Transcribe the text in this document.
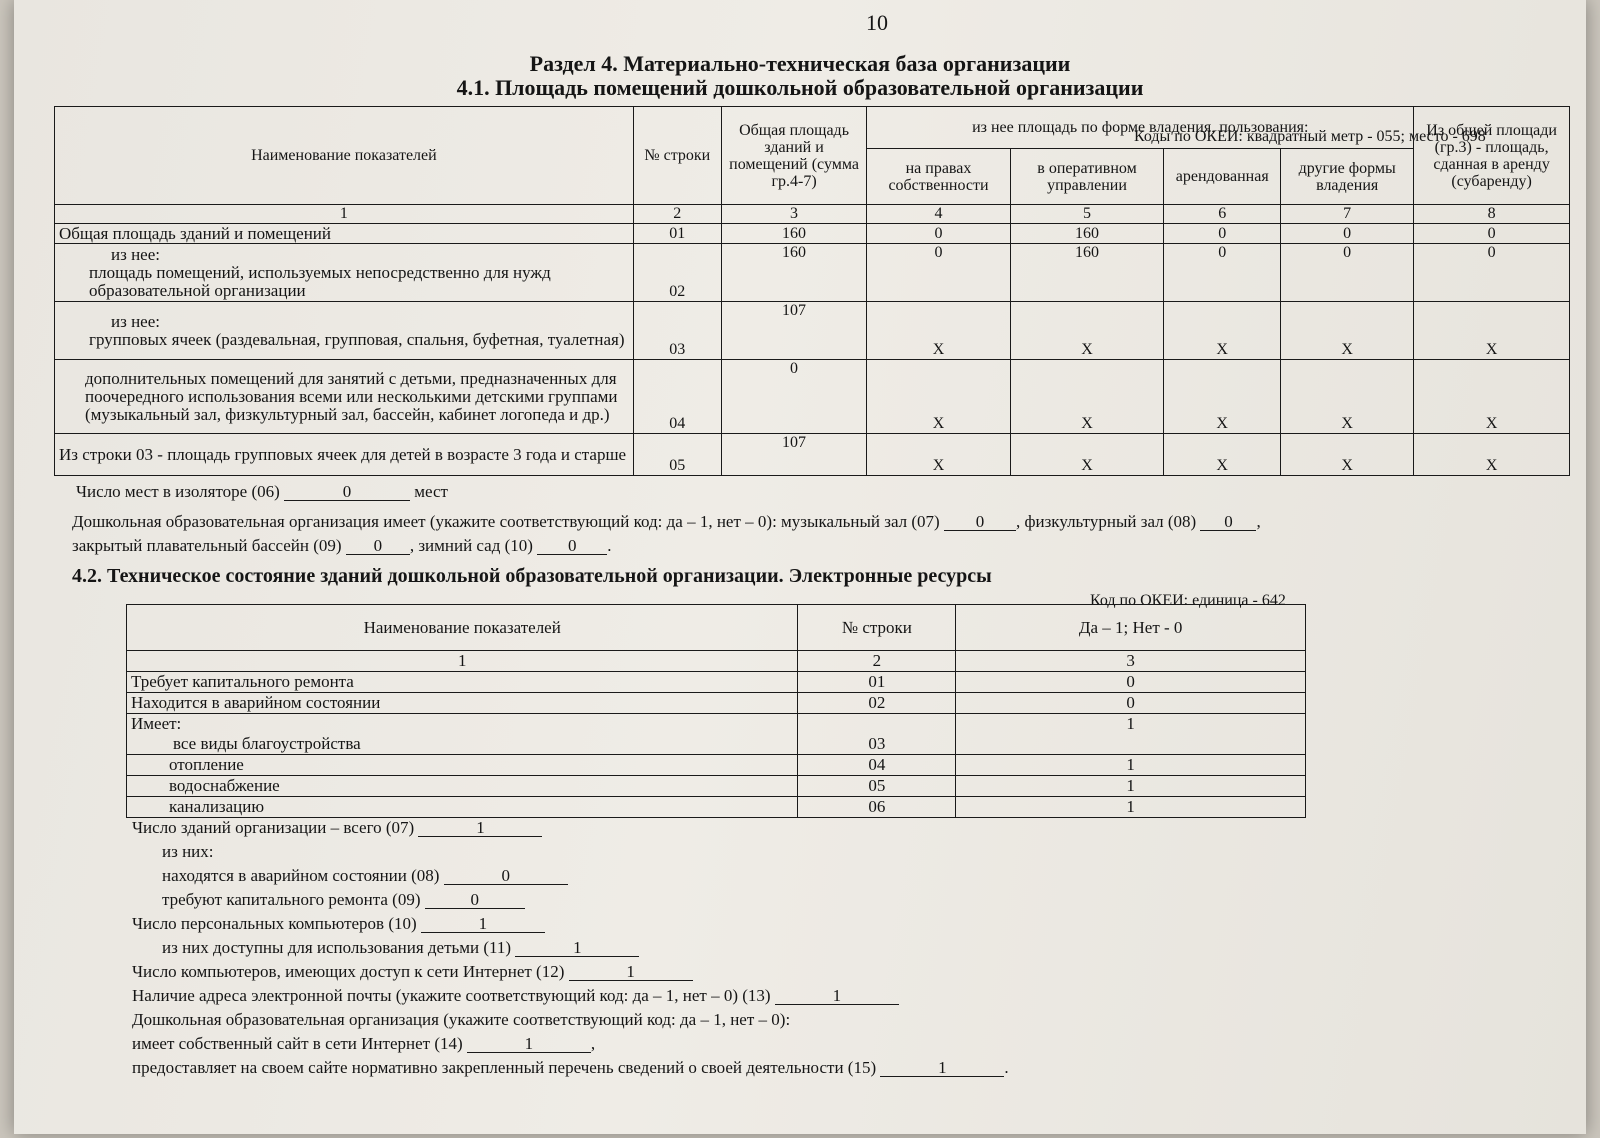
10
Раздел 4. Материально-техническая база организации
4.1. Площадь помещений дошкольной образовательной организации
Коды по ОКЕИ: квадратный метр - 055; место - 698
Наименование показателей	№ строки	Общая площадь зданий и помещений (сумма гр.4-7)	из нее площадь по форме владения, пользования:				Из общей площади (гр.3) - площадь, сданная в аренду (субаренду)
			на правах собственности	в оперативном управлении	арендованная	другие формы владения	
1	2	3	4	5	6	7	8
Общая площадь зданий и помещений	01	160	0	160	0	0	0

из нее:
площадь помещений, используемых непосредственно для нужд образовательной организации	02	160	0	160	0	0	0

из нее:
групповых ячеек (раздевальная, групповая, спальня, буфетная, туалетная)	03	107	Х	Х	Х	Х	Х
дополнительных помещений для занятий с детьми, предназначенных для поочередного использования всеми или несколькими детскими группами (музыкальный зал, физкультурный зал, бассейн, кабинет логопеда и др.)	04	0	Х	Х	Х	Х	Х
Из строки 03 - площадь групповых ячеек для детей в возрасте 3 года и старше	05	107	Х	Х	Х	Х	Х
Число мест в изоляторе (06)	0	мест
Дошкольная образовательная организация имеет (укажите соответствующий код: да – 1, нет – 0): музыкальный зал (07) 0 , физкультурный зал (08) 0 ,
закрытый плавательный бассейн (09) 0 , зимний сад (10) 0 .
4.2. Техническое состояние зданий дошкольной образовательной организации. Электронные ресурсы
Код по ОКЕИ: единица - 642
Наименование показателей	№ строки	Да – 1; Нет - 0
1	2	3
Требует капитального ремонта	01	0
Находится в аварийном состоянии	02	0

Имеет:
все виды благоустройства	03	1
отопление	04	1
водоснабжение	05	1
канализацию	06	1
Число зданий организации – всего (07)	1
из них:
находятся в аварийном состоянии (08)	0
требуют капитального ремонта (09)	0
Число персональных компьютеров (10)	1
из них доступны для использования детьми (11)	1
Число компьютеров, имеющих доступ к сети Интернет (12)	1
Наличие адреса электронной почты (укажите соответствующий код: да – 1, нет – 0) (13)	1
Дошкольная образовательная организация (укажите соответствующий код: да – 1, нет – 0):
имеет собственный сайт в сети Интернет (14)	1	,
предоставляет на своем сайте нормативно закрепленный перечень сведений о своей деятельности (15)	1	.
